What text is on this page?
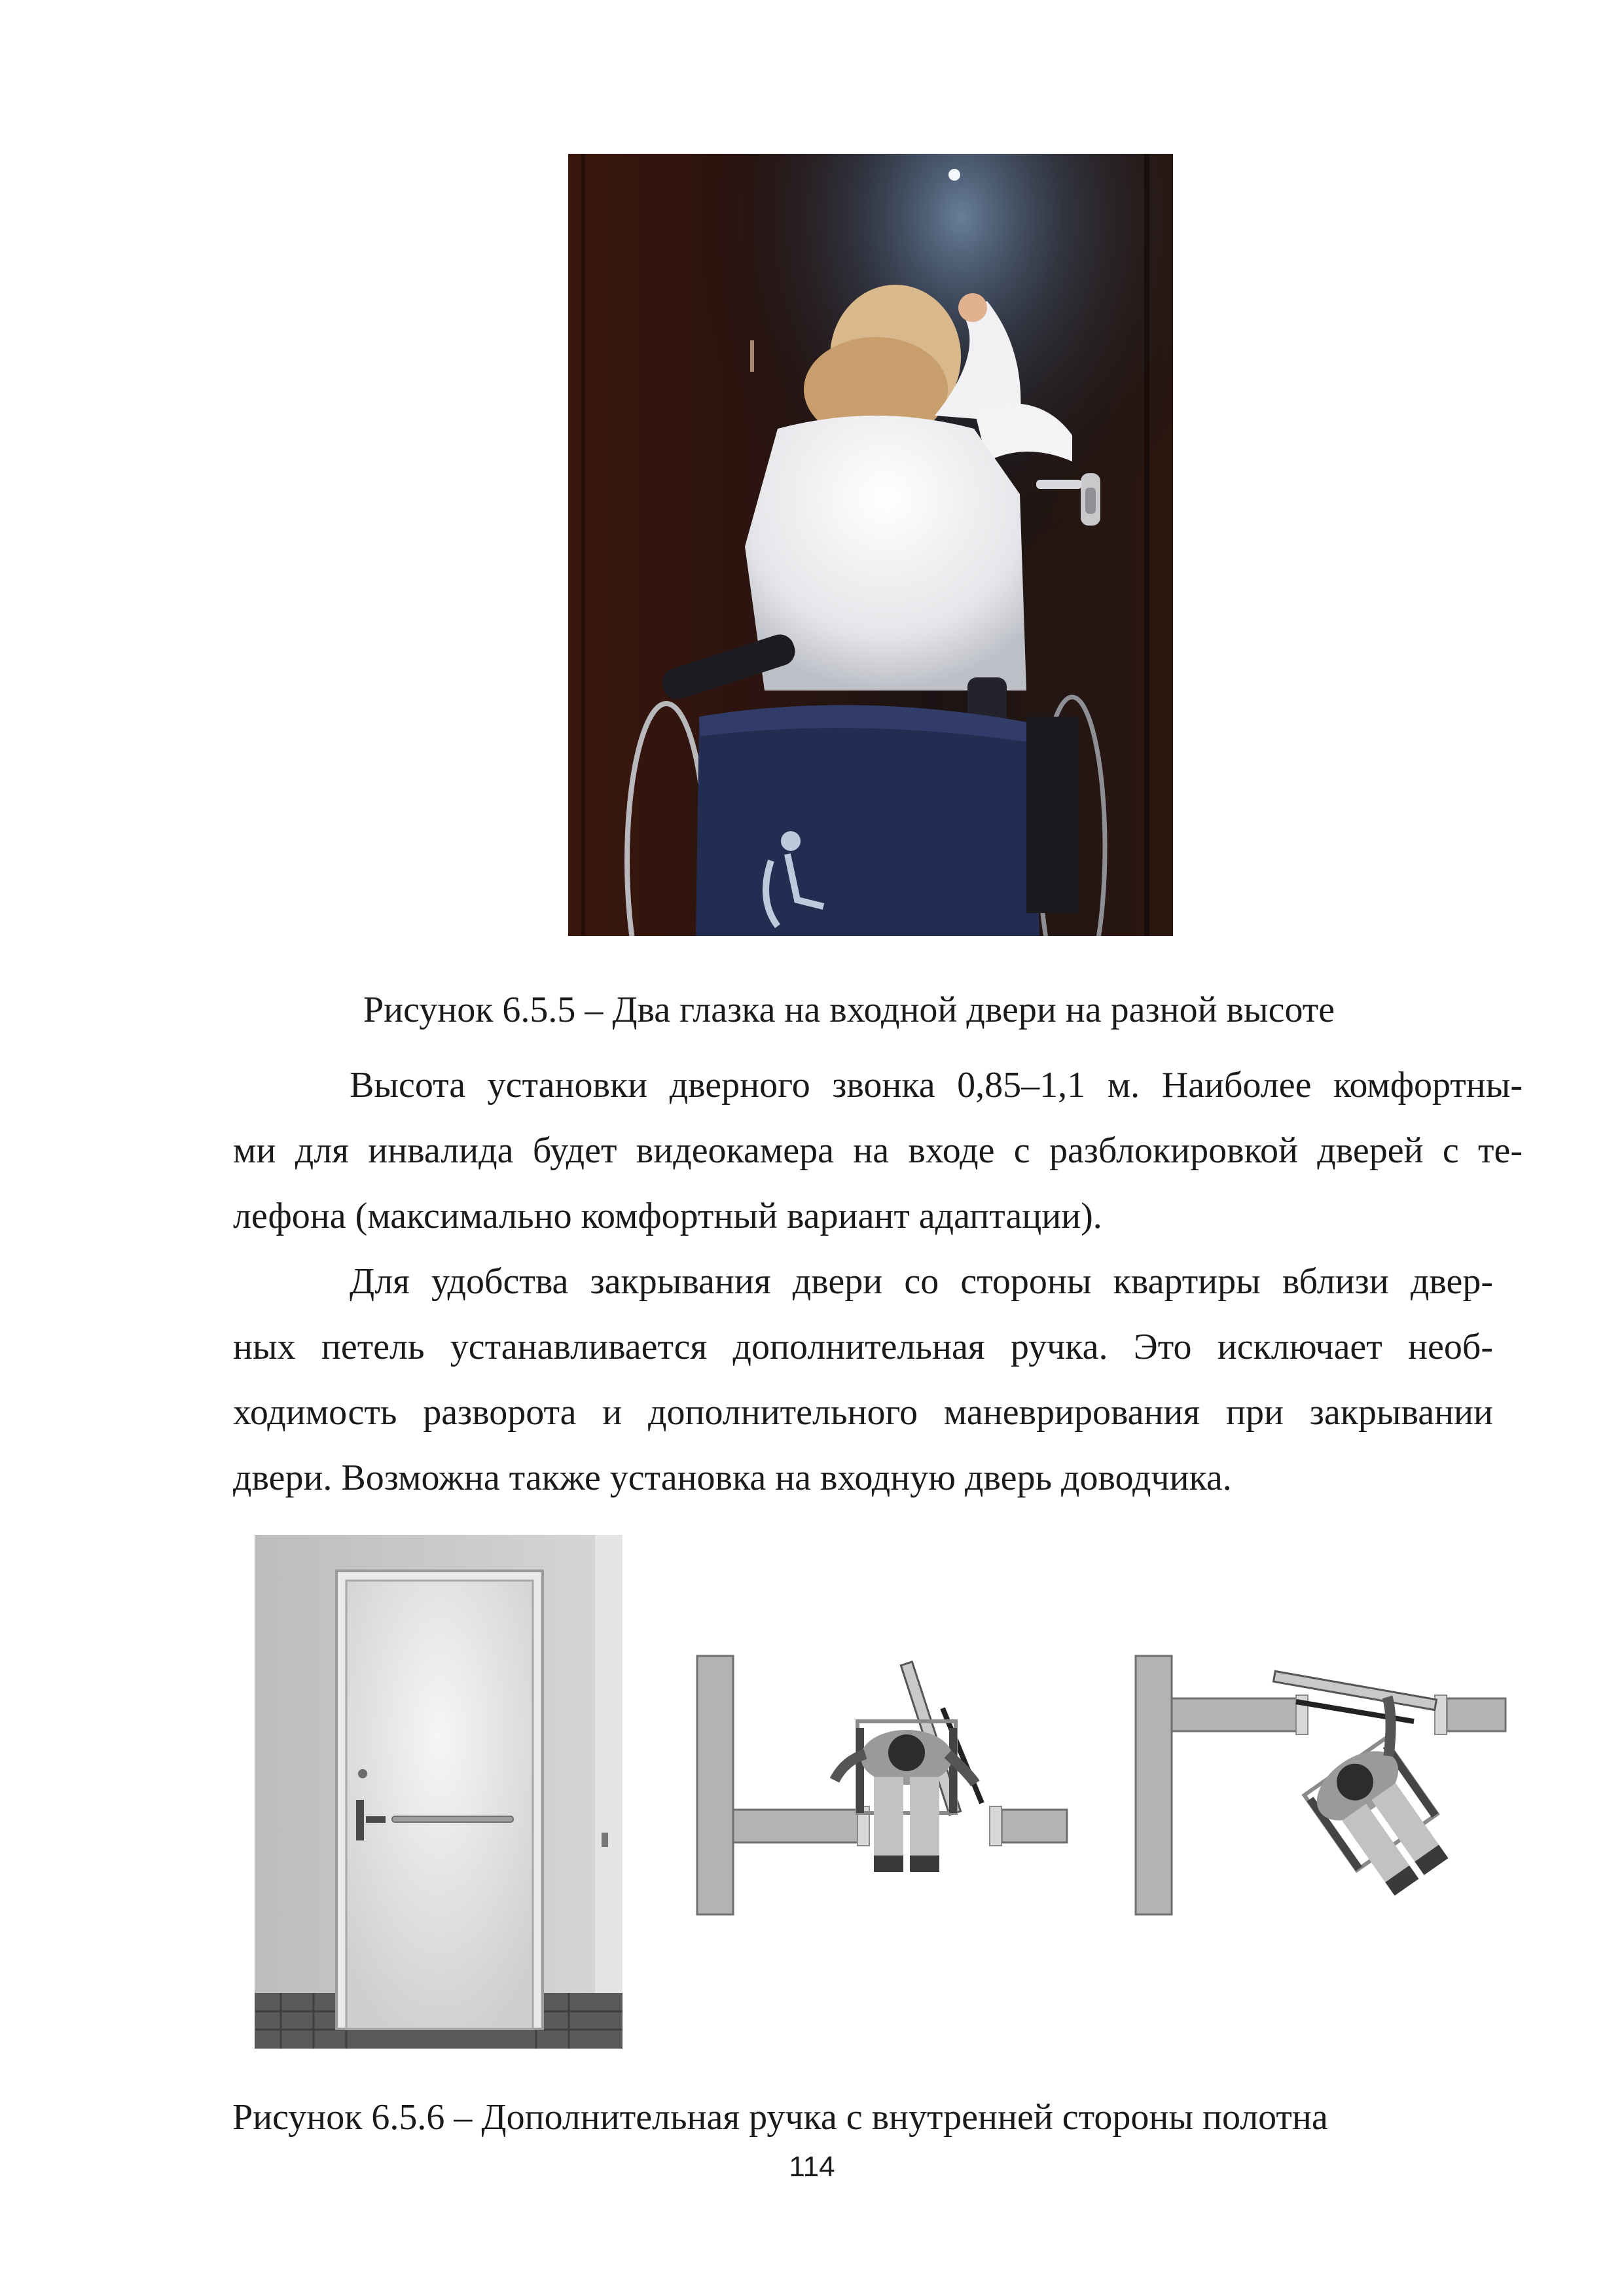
Рисунок 6.5.5 – Два глазка на входной двери на разной высоте
Высота установки дверного звонка 0,85–1,1 м. Наиболее комфортны-
ми для инвалида будет видеокамера на входе с разблокировкой дверей с те-
лефона (максимально комфортный вариант адаптации).
Для удобства закрывания двери со стороны квартиры вблизи двер-
ных петель устанавливается дополнительная ручка. Это исключает необ-
ходимость разворота и дополнительного маневрирования при закрывании
двери. Возможна также установка на входную дверь доводчика.
Рисунок 6.5.6 – Дополнительная ручка с внутренней стороны полотна
114
